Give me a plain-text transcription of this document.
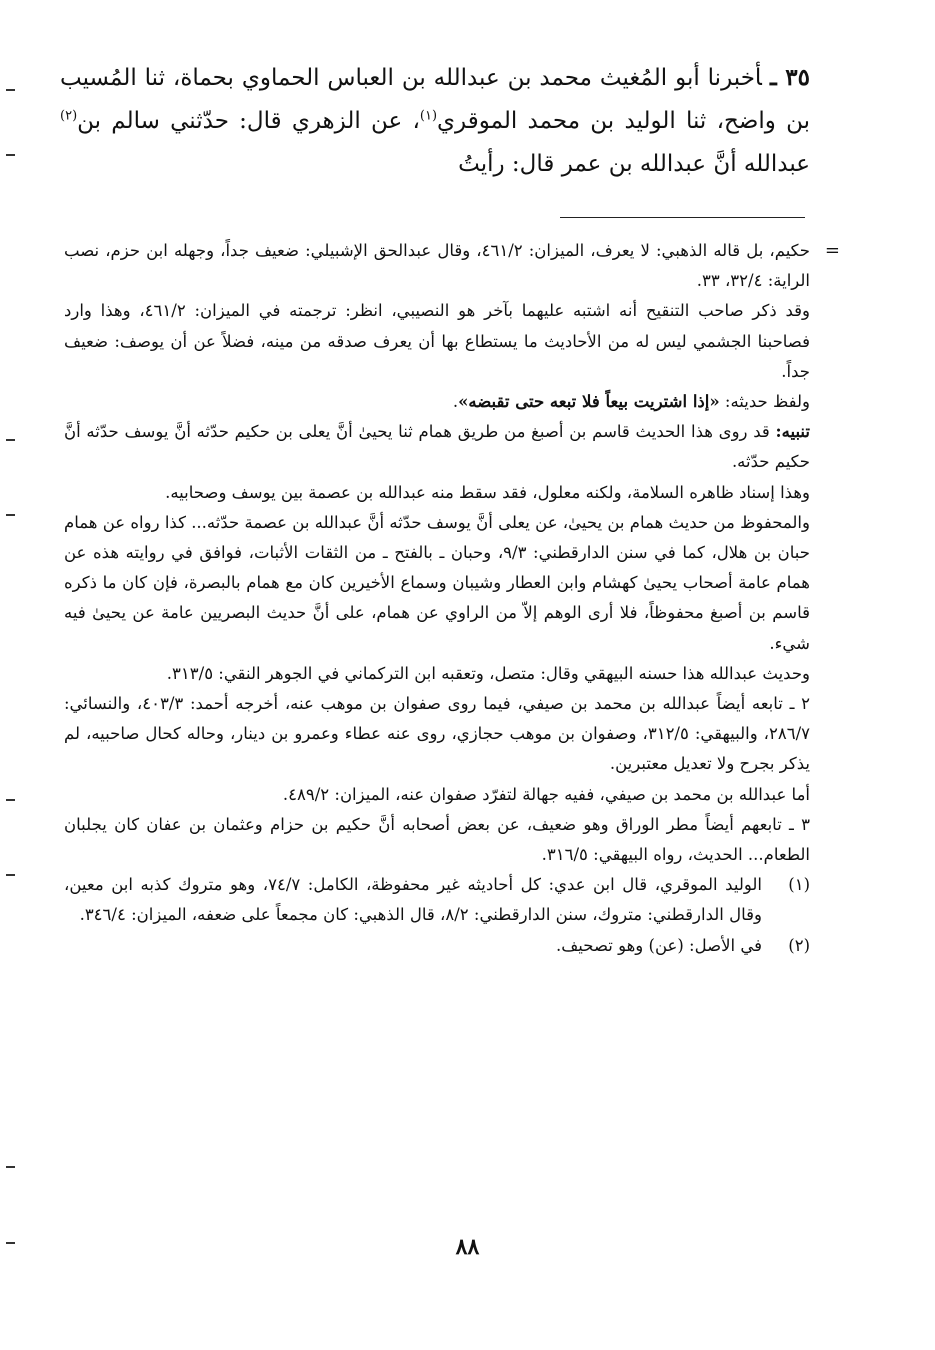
٣٥ ـأخبرنا أبو المُغيث محمد بن عبدالله بن العباس الحماوي بحماة، ثنا المُسيب بن واضح، ثنا الوليد بن محمد الموقري$^{(١)}$، عن الزهري قال: حدّثني سالم بن$^{(٢)}$ عبدالله أنَّ عبدالله بن عمر قال: رأيتُ
=
حكيم، بل قاله الذهبي: لا يعرف، الميزان: ٤٦١/٢، وقال عبدالحق الإشبيلي: ضعيف جداً، وجهله ابن حزم، نصب الراية: ٣٢/٤، ٣٣.
وقد ذكر صاحب التنقيح أنه اشتبه عليهما بآخر هو النصيبي، انظر: ترجمته في الميزان: ٤٦١/٢، وهذا وارد فصاحبنا الجشمي ليس له من الأحاديث ما يستطاع بها أن يعرف صدقه من مينه، فضلاً عن أن يوصف: ضعيف جداً.
ولفظ حديثه: «إذا اشتريت بيعاً فلا تبعه حتى تقبضه».
تنبيه: قد روى هذا الحديث قاسم بن أصبغ من طريق همام ثنا يحيىٰ أنَّ يعلى بن حكيم حدّثه أنَّ يوسف حدّثه أنَّ حكيم حدّثه.
وهذا إسناد ظاهره السلامة، ولكنه معلول، فقد سقط منه عبدالله بن عصمة بين يوسف وصحابيه.
والمحفوظ من حديث همام بن يحيىٰ، عن يعلى أنَّ يوسف حدّثه أنَّ عبدالله بن عصمة حدّثه... كذا رواه عن همام حبان بن هلال، كما في سنن الدارقطني: ٩/٣، وحبان ـ بالفتح ـ من الثقات الأثبات، فوافق في روايته هذه عن همام عامة أصحاب يحيىٰ كهشام وابن العطار وشيبان وسماع الأخيرين كان مع همام بالبصرة، فإن كان ما ذكره قاسم بن أصبغ محفوظاً، فلا أرى الوهم إلاّ من الراوي عن همام، على أنَّ حديث البصريين عامة عن يحيىٰ فيه شيء.
وحديث عبدالله هذا حسنه البيهقي وقال: متصل، وتعقبه ابن التركماني في الجوهر النقي: ٣١٣/٥.
٢ ـ تابعه أيضاً عبدالله بن محمد بن صيفي، فيما روى صفوان بن موهب عنه، أخرجه أحمد: ٤٠٣/٣، والنسائي: ٢٨٦/٧، والبيهقي: ٣١٢/٥، وصفوان بن موهب حجازي، روى عنه عطاء وعمرو بن دينار، وحاله كحال صاحبيه، لم يذكر بجرح ولا تعديل معتبرين.
أما عبدالله بن محمد بن صيفي، ففيه جهالة لتفرّد صفوان عنه، الميزان: ٤٨٩/٢.
٣ ـ تابعهم أيضاً مطر الوراق وهو ضعيف، عن بعض أصحابه أنَّ حكيم بن حزام وعثمان بن عفان كان يجلبان الطعام... الحديث، رواه البيهقي: ٣١٦/٥.
(١)
الوليد الموقري، قال ابن عدي: كل أحاديثه غير محفوظة، الكامل: ٧٤/٧، وهو متروك كذبه ابن معين، وقال الدارقطني: متروك، سنن الدارقطني: ٨/٢، قال الذهبي: كان مجمعاً على ضعفه، الميزان: ٣٤٦/٤.
(٢)
في الأصل: (عن) وهو تصحيف.
٨٨
